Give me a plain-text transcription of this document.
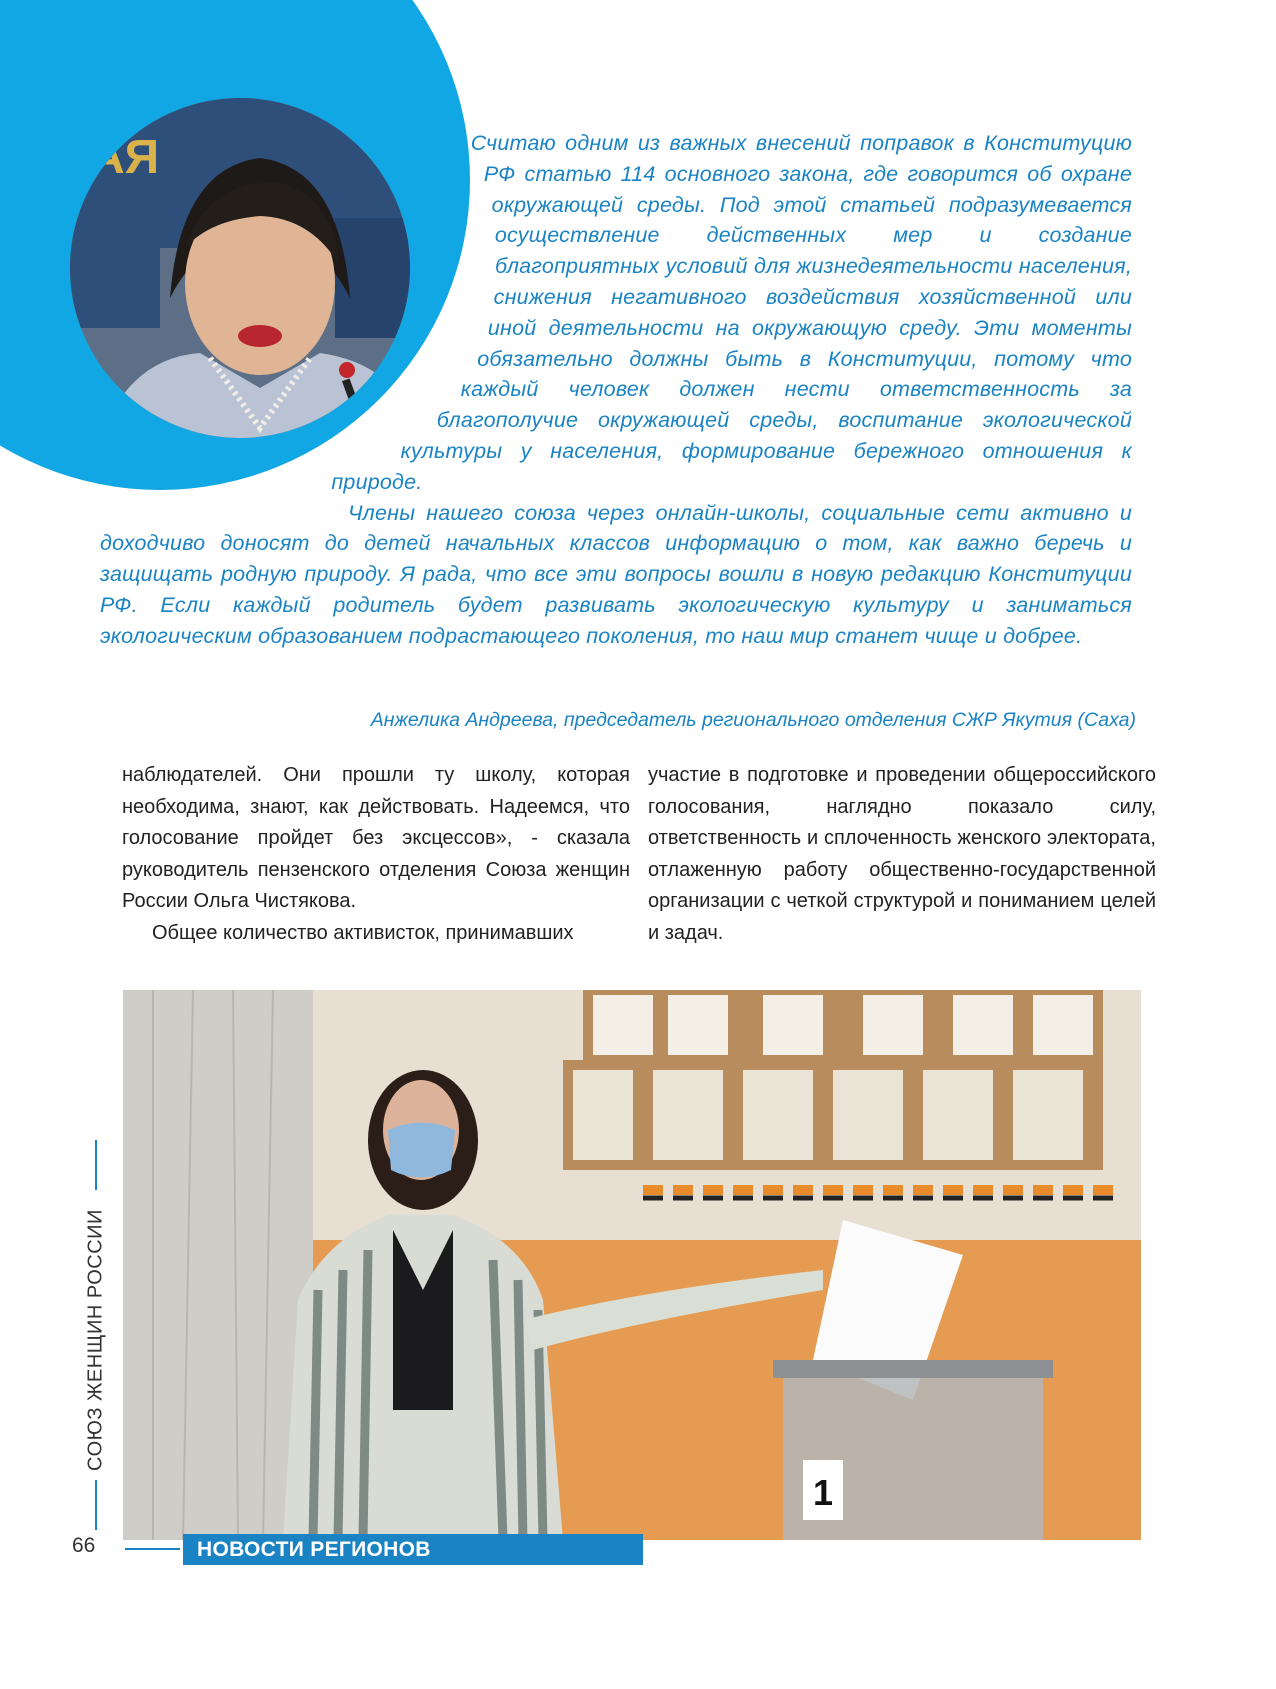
АЯ	Считаю одним из важных внесений поправок в Конституцию РФ статью 114 основного закона, где говорится об охране окружающей среды. Под этой статьей подразумевается осуществление действенных мер и создание благоприятных условий для жизнедеятельности населения, снижения негативного воздействия хозяйственной или иной деятельности на окружающую среду. Эти моменты обязательно должны быть в Конституции, потому что каждый человек должен нести ответственность за благополучие окружающей среды, воспитание экологической культуры у населения, формирование бережного отношения к природе.

Члены нашего союза через онлайн-школы, социальные сети активно и доходчиво доносят до детей начальных классов информацию о том, как важно беречь и защищать родную природу. Я рада, что все эти вопросы вошли в новую редакцию Конституции РФ. Если каждый родитель будет развивать экологическую культуру и заниматься экологическим образованием подрастающего поколения, то наш мир станет чище и добрее.

Анжелика Андреева, председатель регионального отделения СЖР Якутия (Саха)

наблюдателей. Они прошли ту школу, которая необходима, знают, как действовать. Надеемся, что голосование пройдет без эксцессов», - сказала руководитель пензенского отделения Союза женщин России Ольга Чистякова.

Общее количество активисток, принимавших

участие в подготовке и проведении общероссийского голосования, наглядно показало силу, ответственность и сплоченность женского электората, отлаженную работу общественно-государственной организации с четкой структурой и пониманием целей и задач.

1
СОЮЗ ЖЕНЩИН РОССИИ
66	НОВОСТИ РЕГИОНОВ
